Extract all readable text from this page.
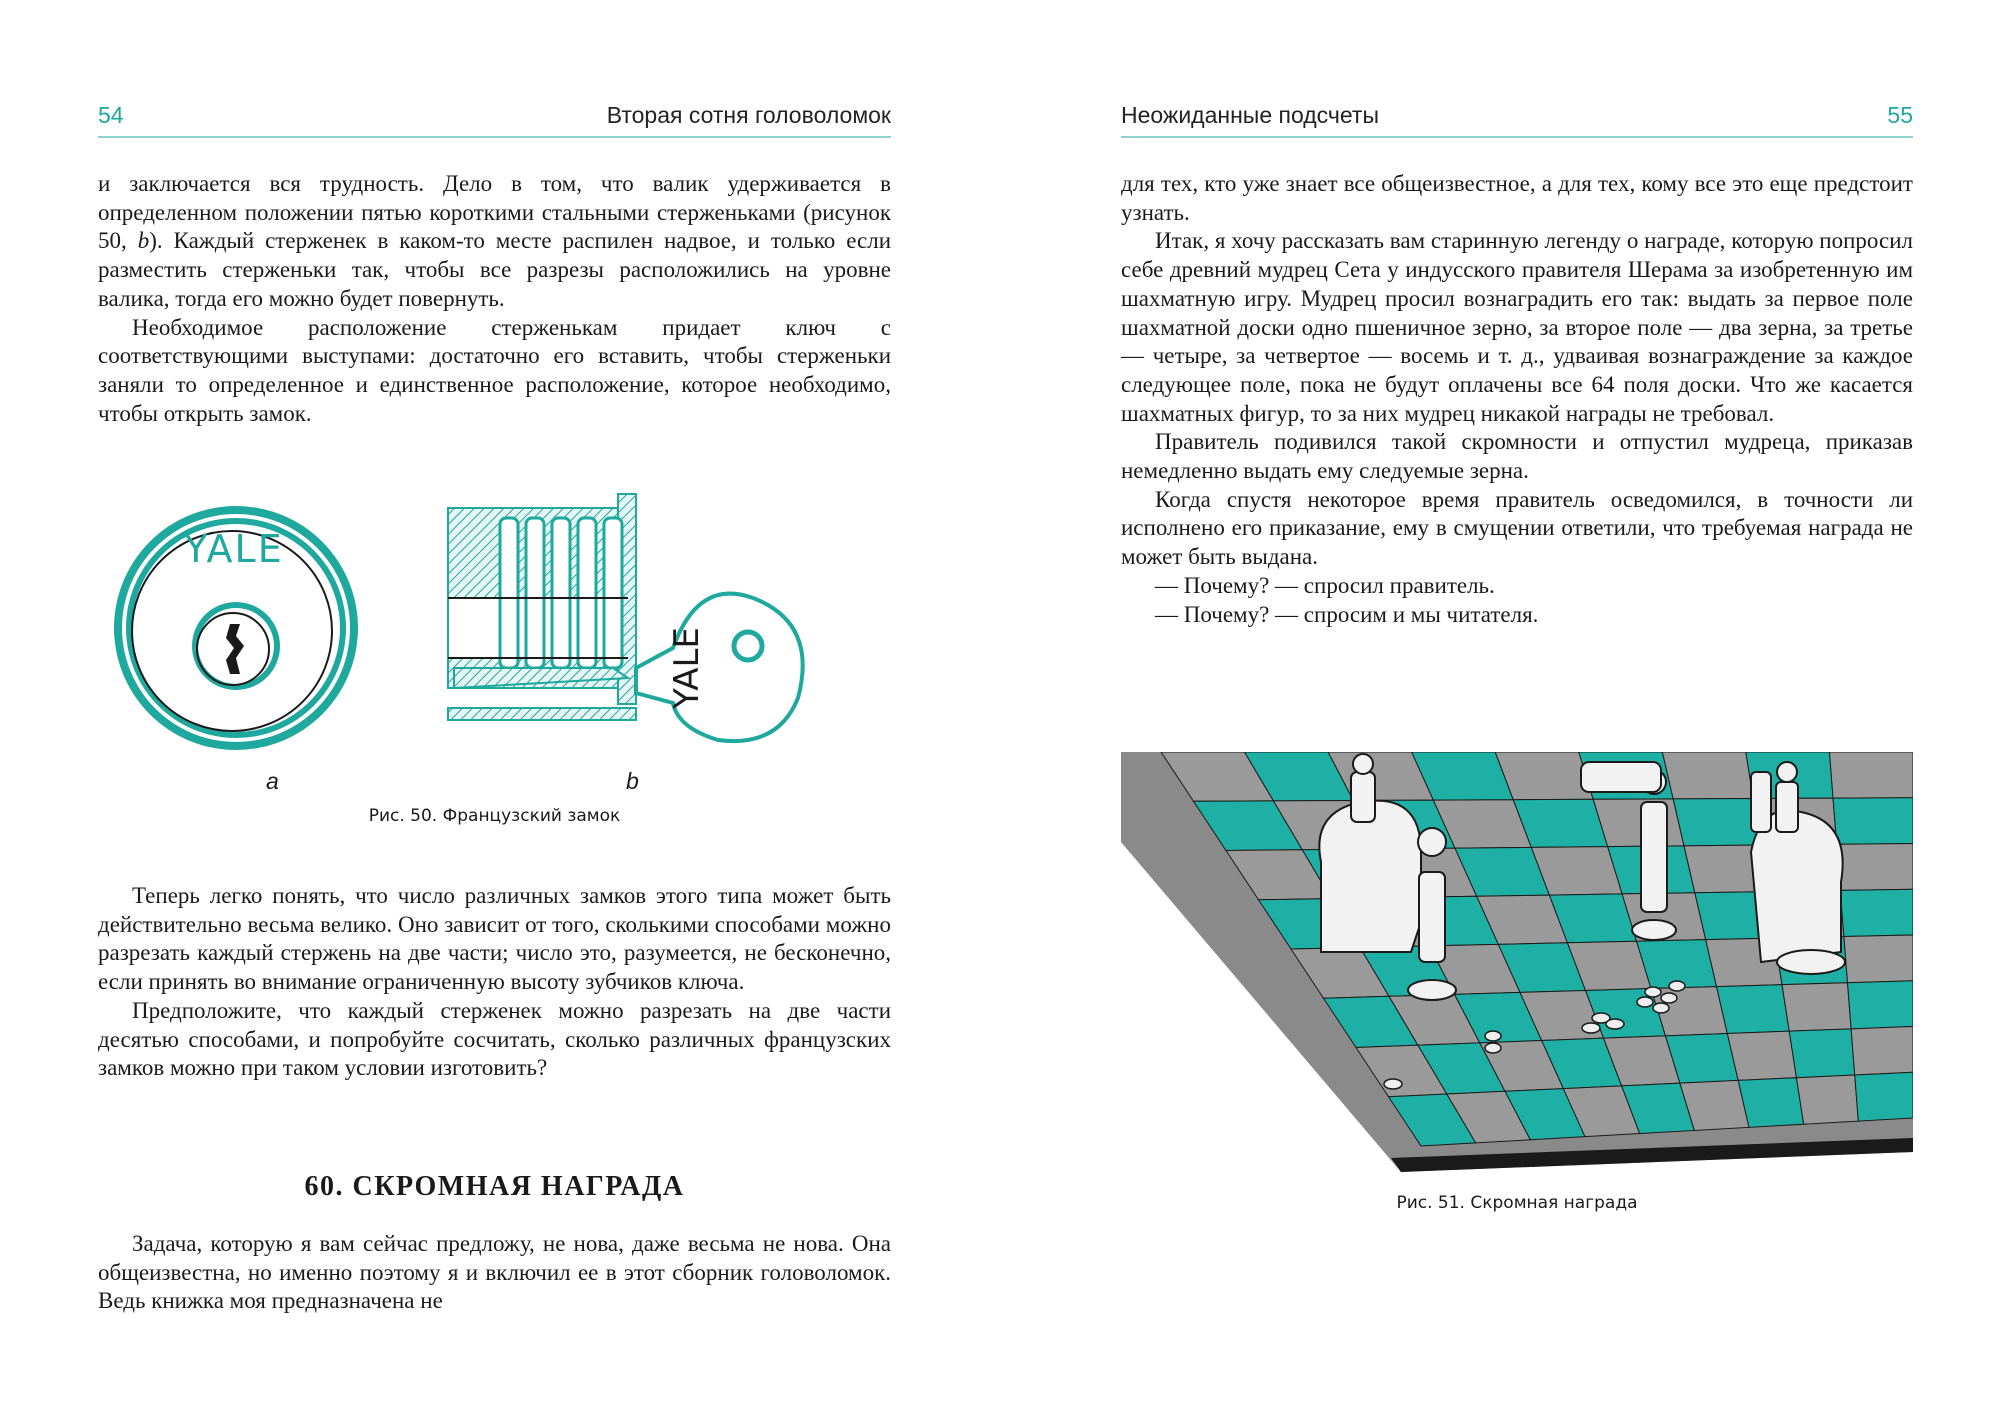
54	Вторая сотня головоломок

и заключается вся трудность. Дело в том, что валик удерживается в определенном положении пятью короткими стальными стерженьками (рисунок 50, b). Каждый стерженек в каком-то месте распилен надвое, и только если разместить стерженьки так, чтобы все разрезы расположились на уровне валика, тогда его можно будет повернуть.

Необходимое расположение стерженькам придает ключ с соответствующими выступами: достаточно его вставить, чтобы стерженьки заняли то определенное и единственное расположение, которое необходимо, чтобы открыть замок.

YALE
YALE
a	b
Рис. 50. Французский замок

Теперь легко понять, что число различных замков этого типа может быть действительно весьма велико. Оно зависит от того, сколькими способами можно разрезать каждый стержень на две части; число это, разумеется, не бесконечно, если принять во внимание ограниченную высоту зубчиков ключа.

Предположите, что каждый стерженек можно разрезать на две части десятью способами, и попробуйте сосчитать, сколько различных французских замков можно при таком условии изготовить?

60. СКРОМНАЯ НАГРАДА

Задача, которую я вам сейчас предложу, не нова, даже весьма не нова. Она общеизвестна, но именно поэтому я и включил ее в этот сборник головоломок. Ведь книжка моя предназначена не

Неожиданные подсчеты	55

для тех, кто уже знает все общеизвестное, а для тех, кому все это еще предстоит узнать.

Итак, я хочу рассказать вам старинную легенду о награде, которую попросил себе древний мудрец Сета у индусского правителя Шерама за изобретенную им шахматную игру. Мудрец просил вознаградить его так: выдать за первое поле шахматной доски одно пшеничное зерно, за второе поле — два зерна, за третье — четыре, за четвертое — восемь и т. д., удваивая вознаграждение за каждое следующее поле, пока не будут оплачены все 64 поля доски. Что же касается шахматных фигур, то за них мудрец никакой награды не требовал.

Правитель подивился такой скромности и отпустил мудреца, приказав немедленно выдать ему следуемые зерна.

Когда спустя некоторое время правитель осведомился, в точности ли исполнено его приказание, ему в смущении ответили, что требуемая награда не может быть выдана.

— Почему? — спросил правитель.

— Почему? — спросим и мы читателя.

Рис. 51. Скромная награда
